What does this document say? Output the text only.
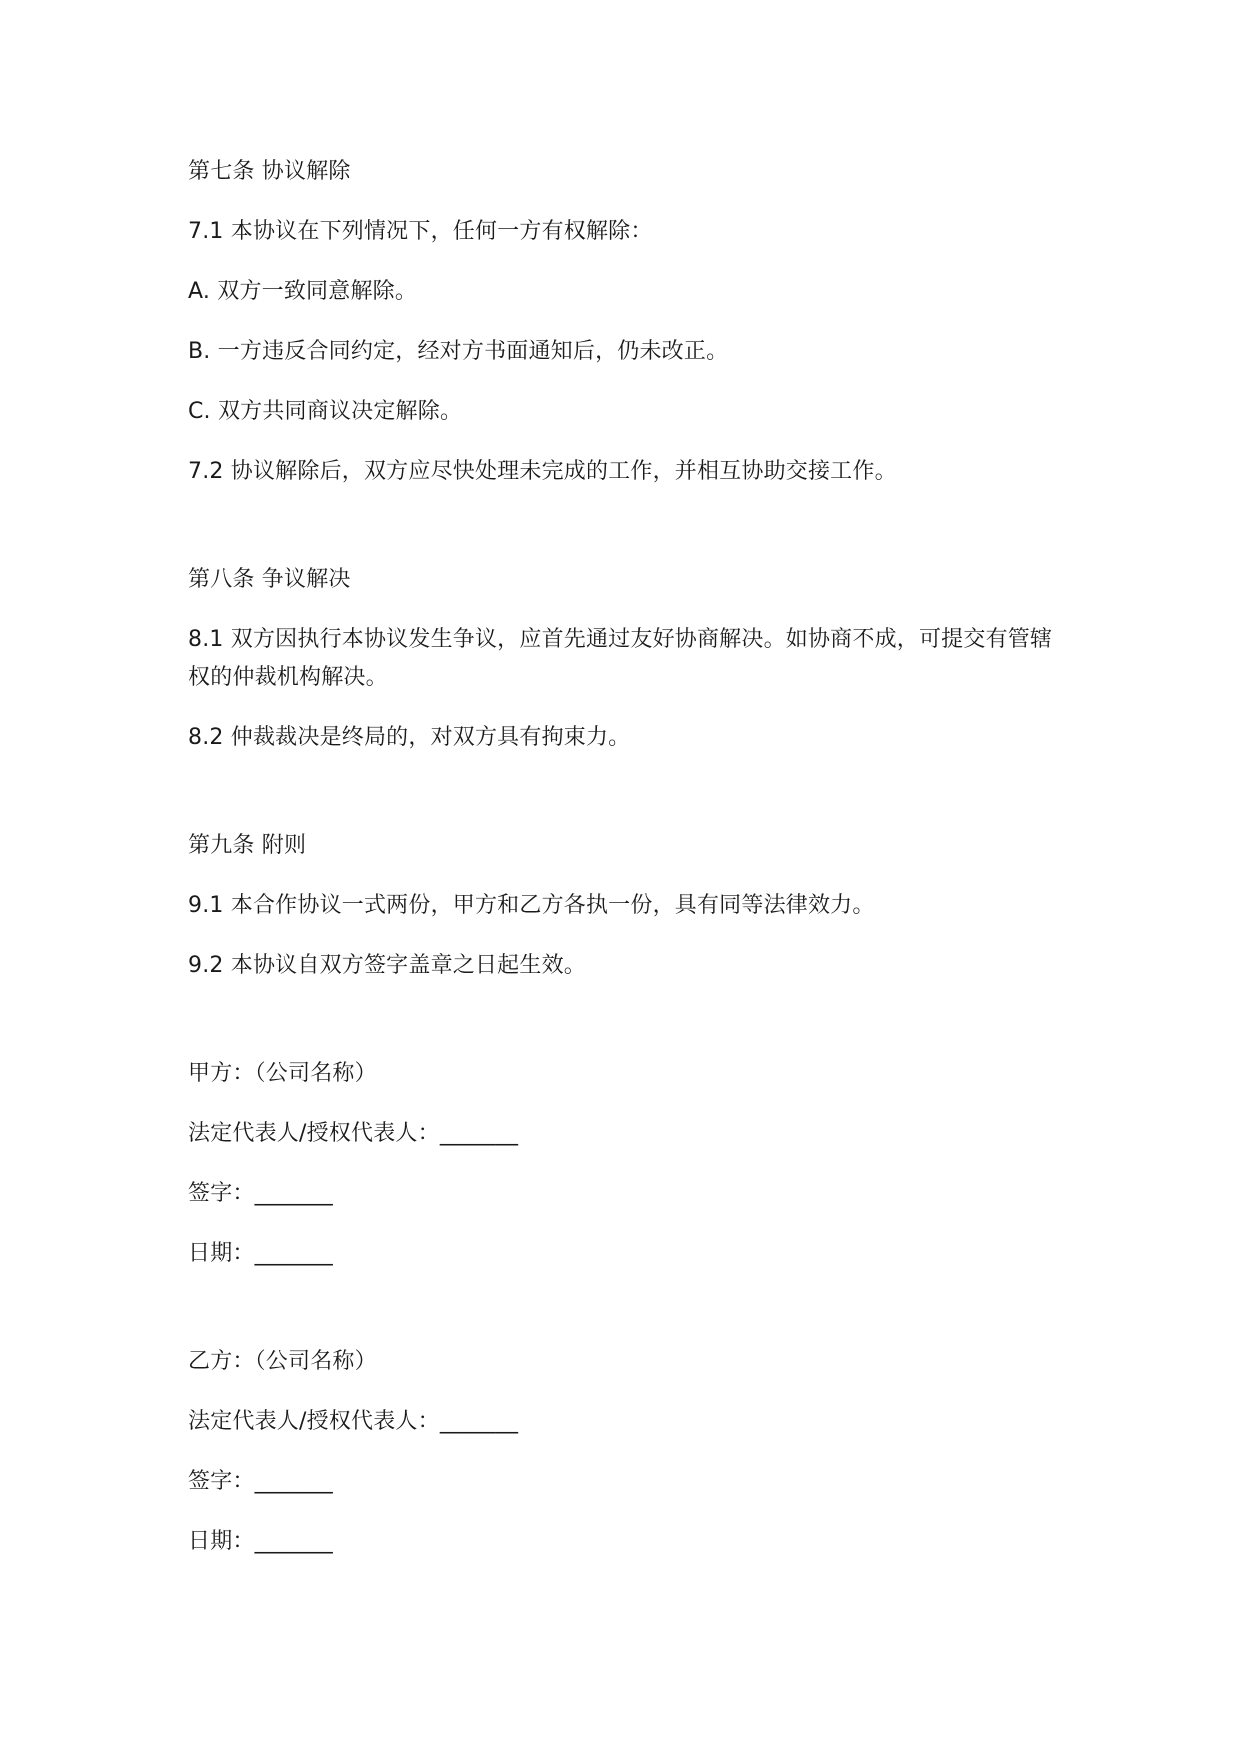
第七条 协议解除
7.1 本协议在下列情况下，任何一方有权解除：
A. 双方一致同意解除。
B. 一方违反合同约定，经对方书面通知后，仍未改正。
C. 双方共同商议决定解除。
7.2 协议解除后，双方应尽快处理未完成的工作，并相互协助交接工作。
第八条 争议解决
8.1 双方因执行本协议发生争议，应首先通过友好协商解决。如协商不成，可提交有管辖权的仲裁机构解决。
8.2 仲裁裁决是终局的，对双方具有拘束力。
第九条 附则
9.1 本合作协议一式两份，甲方和乙方各执一份，具有同等法律效力。
9.2 本协议自双方签字盖章之日起生效。
甲方：（公司名称）
法定代表人/授权代表人：_______
签字：_______
日期：_______
乙方：（公司名称）
法定代表人/授权代表人：_______
签字：_______
日期：_______
